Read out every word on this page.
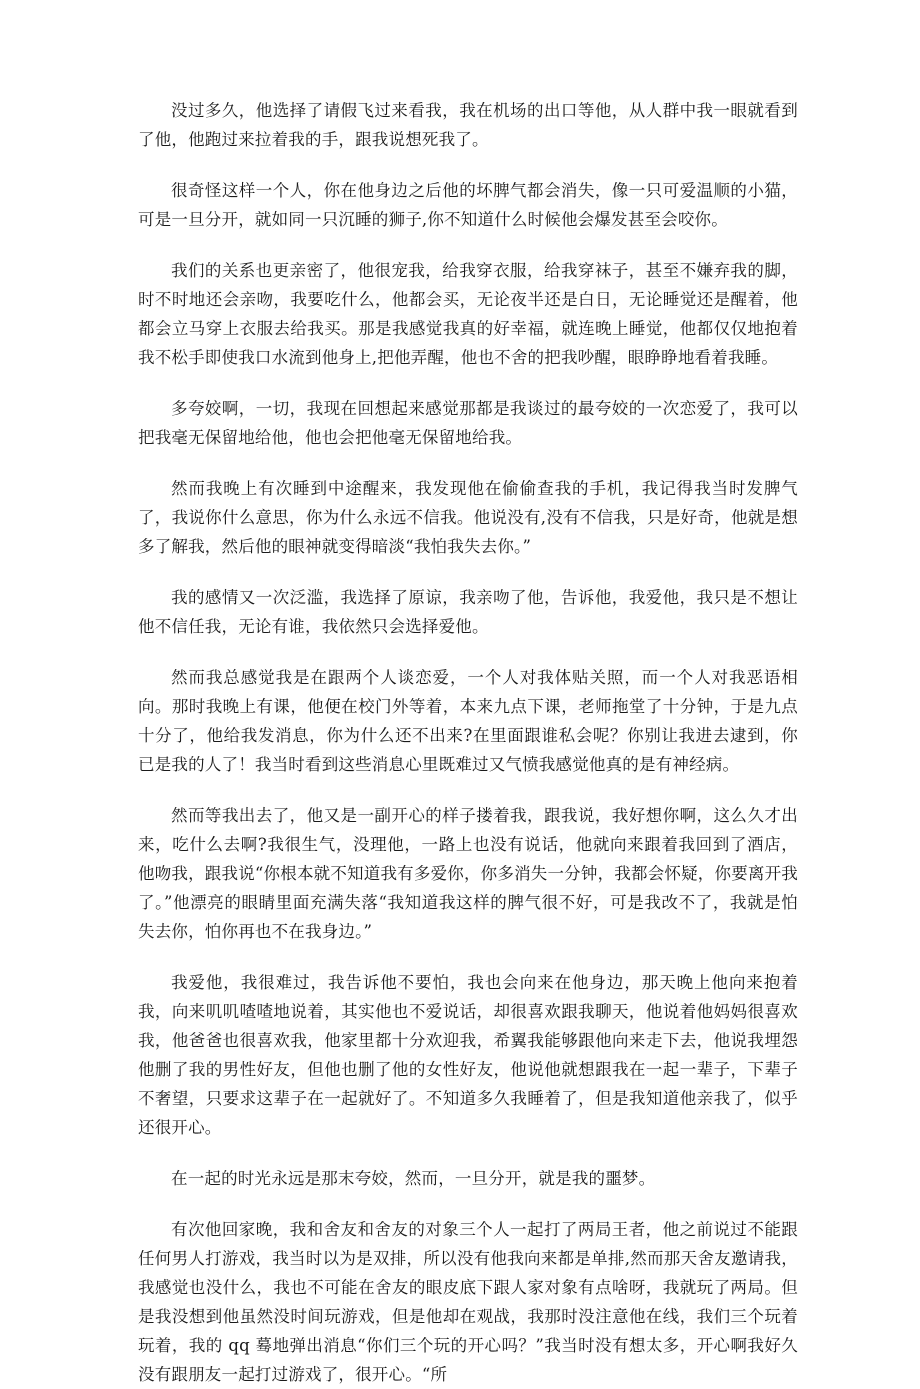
没过多久，他选择了请假飞过来看我，我在机场的出口等他，从人群中我一眼就看到了他，他跑过来拉着我的手，跟我说想死我了。

很奇怪这样一个人，你在他身边之后他的坏脾气都会消失，像一只可爱温顺的小猫，可是一旦分开，就如同一只沉睡的狮子,你不知道什么时候他会爆发甚至会咬你。

我们的关系也更亲密了，他很宠我，给我穿衣服，给我穿袜子，甚至不嫌弃我的脚，时不时地还会亲吻，我要吃什么，他都会买，无论夜半还是白日，无论睡觉还是醒着，他都会立马穿上衣服去给我买。那是我感觉我真的好幸福，就连晚上睡觉，他都仅仅地抱着我不松手即使我口水流到他身上,把他弄醒，他也不舍的把我吵醒，眼睁睁地看着我睡。

多夸姣啊，一切，我现在回想起来感觉那都是我谈过的最夸姣的一次恋爱了，我可以把我毫无保留地给他，他也会把他毫无保留地给我。

然而我晚上有次睡到中途醒来，我发现他在偷偷查我的手机，我记得我当时发脾气了，我说你什么意思，你为什么永远不信我。他说没有,没有不信我，只是好奇，他就是想多了解我，然后他的眼神就变得暗淡“我怕我失去你。”

我的感情又一次泛滥，我选择了原谅，我亲吻了他，告诉他，我爱他，我只是不想让他不信任我，无论有谁，我依然只会选择爱他。

然而我总感觉我是在跟两个人谈恋爱，一个人对我体贴关照，而一个人对我恶语相向。那时我晚上有课，他便在校门外等着，本来九点下课，老师拖堂了十分钟，于是九点十分了，他给我发消息，你为什么还不出来?在里面跟谁私会呢？你别让我进去逮到，你已是我的人了！我当时看到这些消息心里既难过又气愤我感觉他真的是有神经病。

然而等我出去了，他又是一副开心的样子搂着我，跟我说，我好想你啊，这么久才出来，吃什么去啊?我很生气，没理他，一路上也没有说话，他就向来跟着我回到了酒店，他吻我，跟我说“你根本就不知道我有多爱你，你多消失一分钟，我都会怀疑，你要离开我了。”他漂亮的眼睛里面充满失落“我知道我这样的脾气很不好，可是我改不了，我就是怕失去你，怕你再也不在我身边。”

我爱他，我很难过，我告诉他不要怕，我也会向来在他身边，那天晚上他向来抱着我，向来叽叽喳喳地说着，其实他也不爱说话，却很喜欢跟我聊天，他说着他妈妈很喜欢我，他爸爸也很喜欢我，他家里都十分欢迎我，希翼我能够跟他向来走下去，他说我埋怨他删了我的男性好友，但他也删了他的女性好友，他说他就想跟我在一起一辈子，下辈子不奢望，只要求这辈子在一起就好了。不知道多久我睡着了，但是我知道他亲我了，似乎还很开心。

在一起的时光永远是那末夸姣，然而，一旦分开，就是我的噩梦。

有次他回家晚，我和舍友和舍友的对象三个人一起打了两局王者，他之前说过不能跟任何男人打游戏，我当时以为是双排，所以没有他我向来都是单排,然而那天舍友邀请我，我感觉也没什么，我也不可能在舍友的眼皮底下跟人家对象有点啥呀，我就玩了两局。但是我没想到他虽然没时间玩游戏，但是他却在观战，我那时没注意他在线，我们三个玩着玩着，我的 qq 蓦地弹出消息“你们三个玩的开心吗？”我当时没有想太多，开心啊我好久没有跟朋友一起打过游戏了，很开心。“所
